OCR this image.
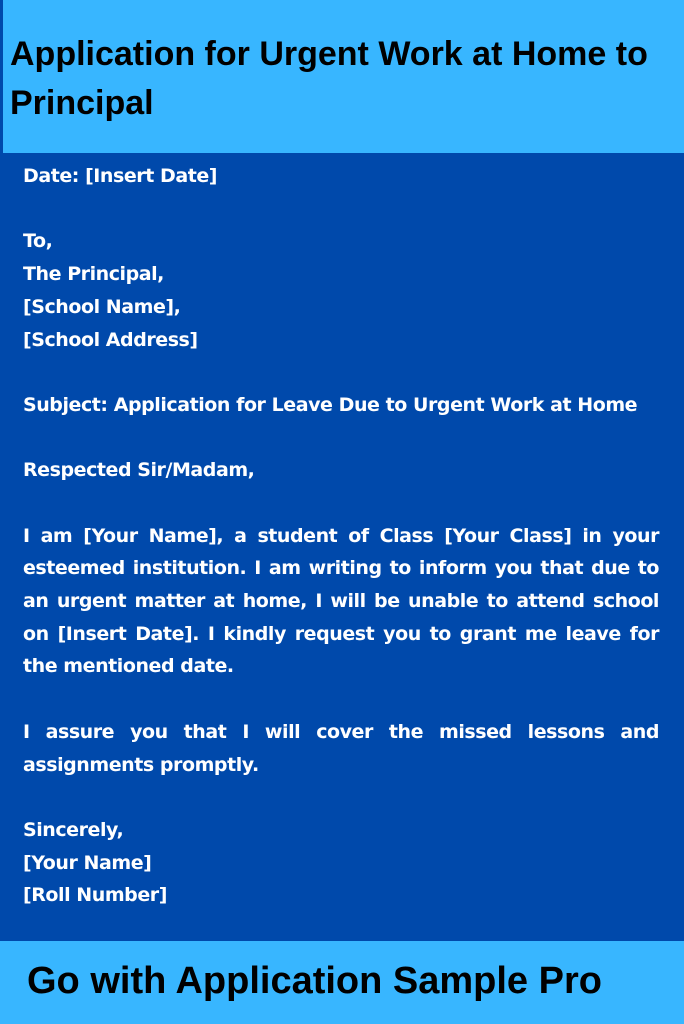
Application for Urgent Work at Home to Principal
Date: [Insert Date]
To,
The Principal,
[School Name],
[School Address]
Subject: Application for Leave Due to Urgent Work at Home
Respected Sir/Madam,
I am [Your Name], a student of Class [Your Class] in your esteemed institution. I am writing to inform you that due to an urgent matter at home, I will be unable to attend school on [Insert Date]. I kindly request you to grant me leave for the mentioned date.
I assure you that I will cover the missed lessons and assignments promptly.
Sincerely,
[Your Name]
[Roll Number]

Go with Application Sample Pro
